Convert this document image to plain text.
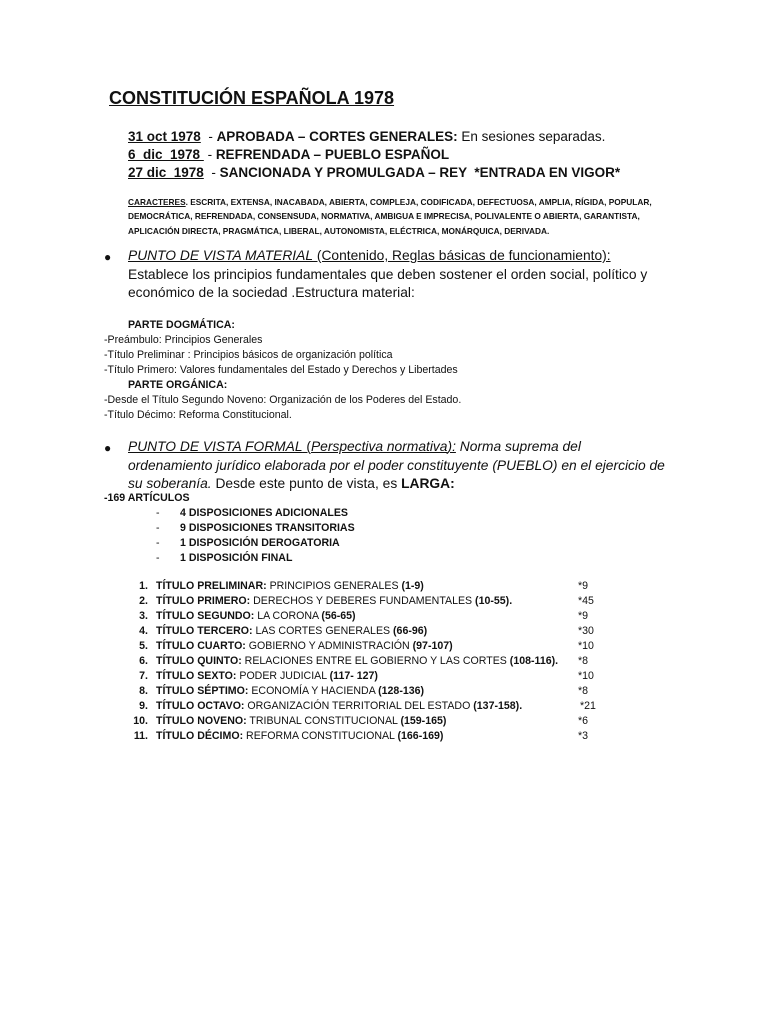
CONSTITUCIÓN ESPAÑOLA 1978
31 oct 1978  - APROBADA – CORTES GENERALES: En sesiones separadas.
6  dic  1978  - REFRENDADA – PUEBLO ESPAÑOL
27 dic  1978  - SANCIONADA Y PROMULGADA – REY  *ENTRADA EN VIGOR*
CARACTERES. ESCRITA, EXTENSA, INACABADA, ABIERTA, COMPLEJA, CODIFICADA, DEFECTUOSA, AMPLIA, RÍGIDA, POPULAR, DEMOCRÁTICA, REFRENDADA, CONSENSUDA, NORMATIVA, AMBIGUA E IMPRECISA, POLIVALENTE O ABIERTA, GARANTISTA, APLICACIÓN DIRECTA, PRAGMÁTICA, LIBERAL, AUTONOMISTA, ELÉCTRICA, MONÁRQUICA, DERIVADA.
● PUNTO DE VISTA MATERIAL (Contenido, Reglas básicas de funcionamiento):
Establece los principios fundamentales que deben sostener el orden social, político y económico de la sociedad .Estructura material:
PARTE DOGMÁTICA:
-Preámbulo: Principios Generales
-Título Preliminar : Principios básicos de organización política
-Título Primero: Valores fundamentales del Estado y Derechos y Libertades
PARTE ORGÁNICA:
-Desde el Título Segundo Noveno: Organización de los Poderes del Estado.
-Título Décimo: Reforma Constitucional.
● PUNTO DE VISTA FORMAL (Perspectiva normativa): Norma suprema del ordenamiento jurídico elaborada por el poder constituyente (PUEBLO) en el ejercicio de su soberanía. Desde este punto de vista, es LARGA:
-169 ARTÍCULOS
- 4 DISPOSICIONES ADICIONALES
- 9 DISPOSICIONES TRANSITORIAS
- 1 DISPOSICIÓN DEROGATORIA
- 1 DISPOSICIÓN FINAL
1. TÍTULO PRELIMINAR: PRINCIPIOS GENERALES (1-9)	*9
2. TÍTULO PRIMERO: DERECHOS Y DEBERES FUNDAMENTALES (10-55).	*45
3. TÍTULO SEGUNDO: LA CORONA (56-65)	*9
4. TÍTULO TERCERO: LAS CORTES GENERALES (66-96)	*30
5. TÍTULO CUARTO: GOBIERNO Y ADMINISTRACIÓN (97-107)	*10
6. TÍTULO QUINTO: RELACIONES ENTRE EL GOBIERNO Y LAS CORTES (108-116). *8
7. TÍTULO SEXTO: PODER JUDICIAL (117- 127)	*10
8. TÍTULO SÉPTIMO: ECONOMÍA Y HACIENDA (128-136)	*8
9. TÍTULO OCTAVO: ORGANIZACIÓN TERRITORIAL DEL ESTADO (137-158).	*21
10. TÍTULO NOVENO: TRIBUNAL CONSTITUCIONAL (159-165)	*6
11. TÍTULO DÉCIMO: REFORMA CONSTITUCIONAL (166-169)	*3
